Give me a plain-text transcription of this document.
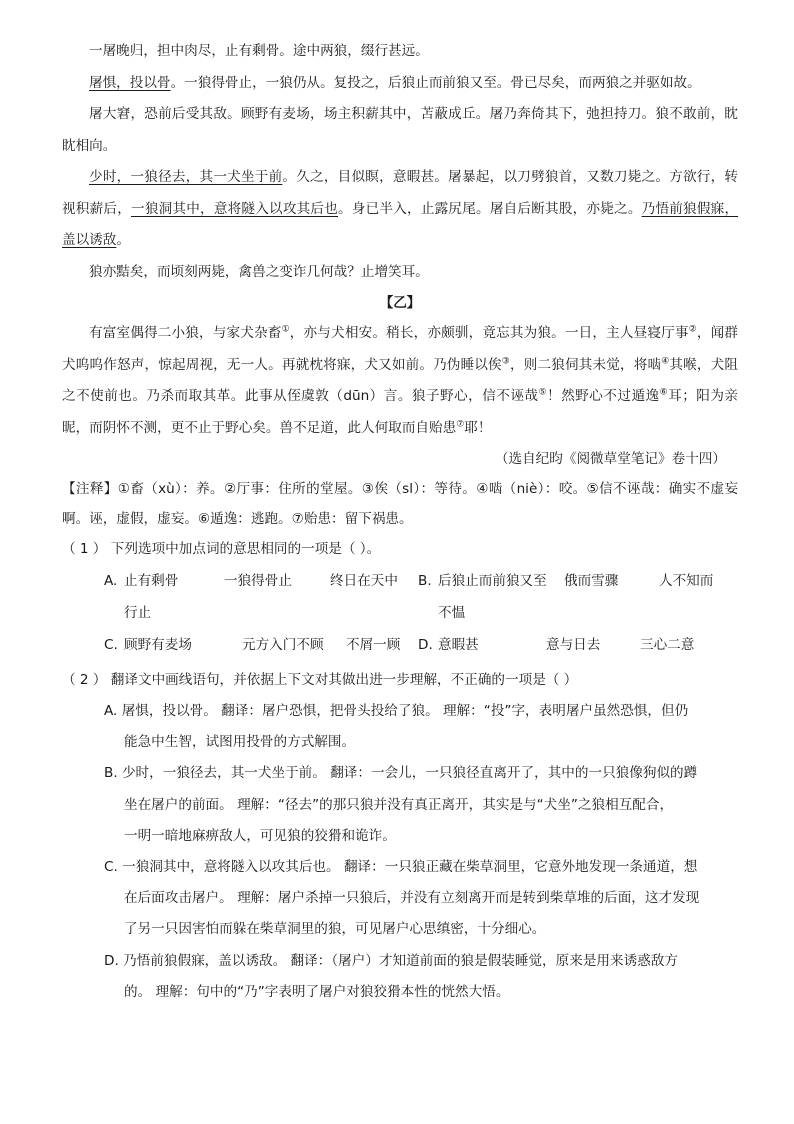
一屠晚归，担中肉尽，止有剩骨。途中两狼，缀行甚远。

屠惧，投以骨。一狼得骨止，一狼仍从。复投之，后狼止而前狼又至。骨已尽矣，而两狼之并驱如故。

屠大窘，恐前后受其敌。顾野有麦场，场主积薪其中，苫蔽成丘。屠乃奔倚其下，弛担持刀。狼不敢前，眈眈相向。

少时，一狼径去，其一犬坐于前。久之，目似瞑，意暇甚。屠暴起，以刀劈狼首，又数刀毙之。方欲行，转视积薪后，一狼洞其中，意将隧入以攻其后也。身已半入，止露尻尾。屠自后断其股，亦毙之。乃悟前狼假寐，盖以诱敌。

狼亦黠矣，而顷刻两毙，禽兽之变诈几何哉？止增笑耳。

【乙】

有富室偶得二小狼，与家犬杂畜①，亦与犬相安。稍长，亦颇驯，竟忘其为狼。一日，主人昼寝厅事②，闻群犬呜呜作怒声，惊起周视，无一人。再就枕将寐，犬又如前。乃伪睡以俟③，则二狼伺其未觉，将啮④其喉，犬阻之不使前也。乃杀而取其革。此事从侄虞敦（dūn）言。狼子野心，信不诬哉⑤！然野心不过遁逸⑥耳；阳为亲昵，而阴怀不测，更不止于野心矣。兽不足道，此人何取而自贻患⑦耶！

（选自纪昀《阅微草堂笔记》卷十四）

【注释】①畜（xù）：养。②厅事：住所的堂屋。③俟（sl）：等待。④啮（niè）：咬。⑤信不诬哉：确实不虚妄啊。诬，虚假，虚妄。⑥遁逸：逃跑。⑦贻患：留下祸患。

（ 1 ） 下列选项中加点词的意思相同的一项是（ ）。

A. 止有剩骨	一狼得骨止	终日在天中
行止
B. 后狼止而前狼又至 俄而雪骤	人不知而
不愠
C. 顾野有麦场	元方入门不顾 不屑一顾 D. 意暇甚	意与日去	三心二意

（ 2 ） 翻译文中画线语句，并依据上下文对其做出进一步理解，不正确的一项是（ ）

A. 屠惧，投以骨。 翻译：屠户恐惧，把骨头投给了狼。 理解：“投”字，表明屠户虽然恐惧，但仍
能急中生智，试图用投骨的方式解围。

B. 少时，一狼径去，其一犬坐于前。 翻译：一会儿，一只狼径直离开了，其中的一只狼像狗似的蹲
坐在屠户的前面。 理解：“径去”的那只狼并没有真正离开，其实是与“犬坐”之狼相互配合，
一明一暗地麻痹敌人，可见狼的狡猾和诡诈。

C. 一狼洞其中，意将隧入以攻其后也。 翻译：一只狼正藏在柴草洞里，它意外地发现一条通道，想
在后面攻击屠户。 理解：屠户杀掉一只狼后，并没有立刻离开而是转到柴草堆的后面，这才发现
了另一只因害怕而躲在柴草洞里的狼，可见屠户心思缜密，十分细心。

D. 乃悟前狼假寐，盖以诱敌。 翻译：（屠户）才知道前面的狼是假装睡觉，原来是用来诱惑敌方
的。 理解：句中的“乃”字表明了屠户对狼狡猾本性的恍然大悟。
